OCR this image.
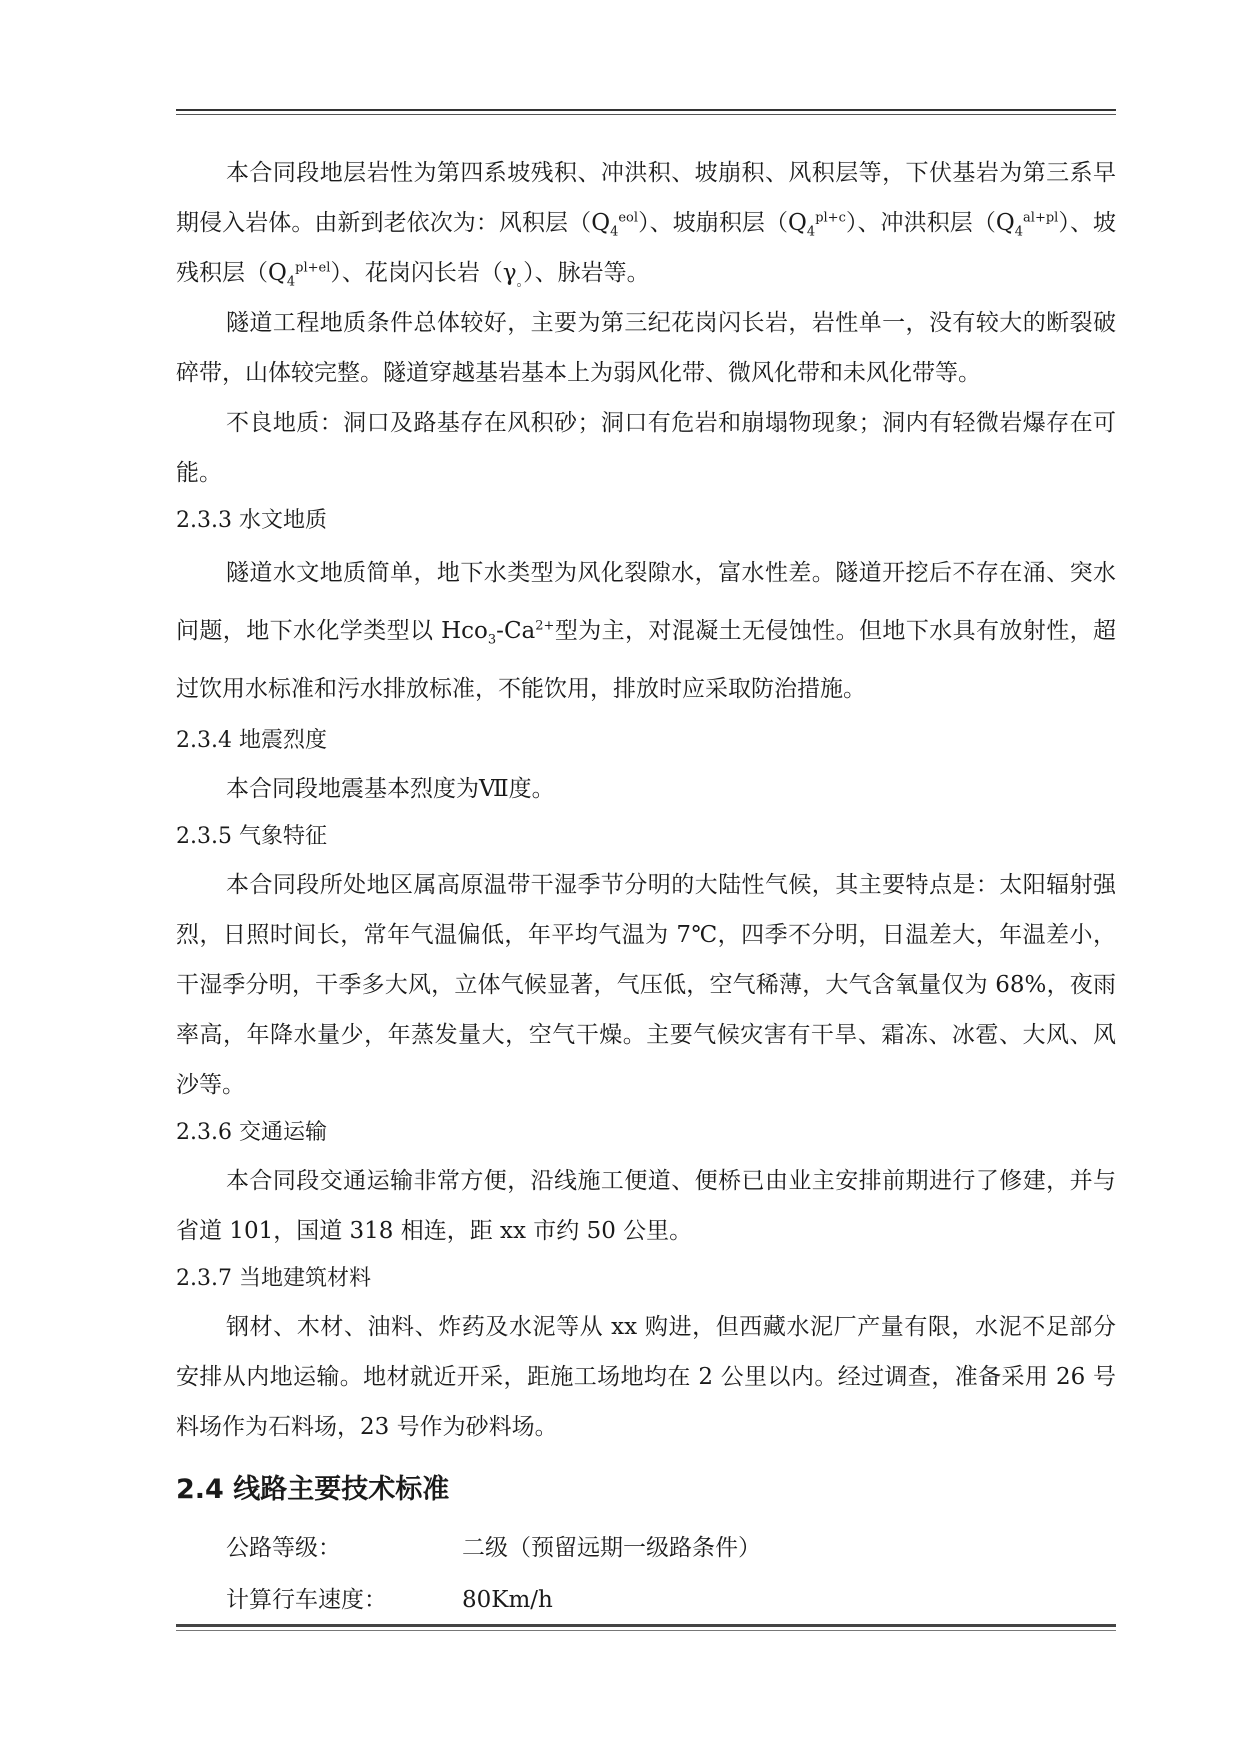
本合同段地层岩性为第四系坡残积、冲洪积、坡崩积、风积层等，下伏基岩为第三系早期侵入岩体。由新到老依次为：风积层$(Q_4^{eol})$、坡崩积层$(Q_4^{pl+c})$、冲洪积层$(Q_4^{al+pl})$、坡残积层$(Q_4^{pl+el})$、花岗闪长岩$(\gamma_。)$、脉岩等。

隧道工程地质条件总体较好，主要为第三纪花岗闪长岩，岩性单一，没有较大的断裂破碎带，山体较完整。隧道穿越基岩基本上为弱风化带、微风化带和未风化带等。

不良地质：洞口及路基存在风积砂；洞口有危岩和崩塌物现象；洞内有轻微岩爆存在可能。

2.3.3 水文地质

隧道水文地质简单，地下水类型为风化裂隙水，富水性差。隧道开挖后不存在涌、突水问题，地下水化学类型以 $Hco_3-Ca^{2+}$型为主，对混凝土无侵蚀性。但地下水具有放射性，超过饮用水标准和污水排放标准，不能饮用，排放时应采取防治措施。

2.3.4 地震烈度

本合同段地震基本烈度为Ⅶ度。

2.3.5 气象特征

本合同段所处地区属高原温带干湿季节分明的大陆性气候，其主要特点是：太阳辐射强烈，日照时间长，常年气温偏低，年平均气温为 7℃，四季不分明，日温差大，年温差小，干湿季分明，干季多大风，立体气候显著，气压低，空气稀薄，大气含氧量仅为 68%，夜雨率高，年降水量少，年蒸发量大，空气干燥。主要气候灾害有干旱、霜冻、冰雹、大风、风沙等。

2.3.6 交通运输

本合同段交通运输非常方便，沿线施工便道、便桥已由业主安排前期进行了修建，并与省道 101，国道 318 相连，距 xx 市约 50 公里。

2.3.7 当地建筑材料

钢材、木材、油料、炸药及水泥等从 xx 购进，但西藏水泥厂产量有限，水泥不足部分安排从内地运输。地材就近开采，距施工场地均在 2 公里以内。经过调查，准备采用 26 号料场作为石料场，23 号作为砂料场。

2.4 线路主要技术标准

公路等级：	二级（预留远期一级路条件）
计算行车速度：	80Km/h
